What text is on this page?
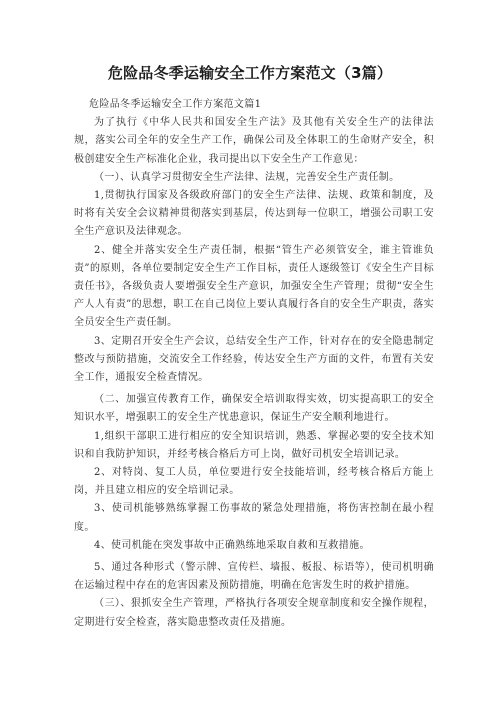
危险品冬季运输安全工作方案范文（3篇）

危险品冬季运输安全工作方案范文篇1

为了执行《中华人民共和国安全生产法》及其他有关安全生产的法律法规，落实公司全年的安全生产工作，确保公司及全体职工的生命财产安全，积极创建安全生产标准化企业，我司提出以下安全生产工作意见：

（一）、认真学习贯彻安全生产法律、法规，完善安全生产责任制。

1,贯彻执行国家及各级政府部门的安全生产法律、法规、政策和制度，及时将有关安全会议精神贯彻落实到基层，传达到每一位职工，增强公司职工安全生产意识及法律观念。

2、健全并落实安全生产责任制，根据“管生产必须管安全，谁主管谁负责”的原则，各单位要制定安全生产工作目标，责任人逐级签订《安全生产目标责任书》，各级负责人要增强安全生产意识，加强安全生产管理；贯彻“安全生产人人有责”的思想，职工在自己岗位上要认真履行各自的安全生产职责，落实全员安全生产责任制。

3、定期召开安全生产会议，总结安全生产工作，针对存在的安全隐患制定整改与预防措施，交流安全工作经验，传达安全生产方面的文件，布置有关安全工作，通报安全检查情况。

（二、加强宣传教育工作，确保安全培训取得实效，切实提高职工的安全知识水平，增强职工的安全生产忧患意识，保证生产安全顺利地进行。

1,组织干部职工进行相应的安全知识培训，熟悉、掌握必要的安全技术知识和自我防护知识，并经考核合格后方可上岗，做好司机安全培训记录。

2、对特岗、复工人员，单位要进行安全技能培训，经考核合格后方能上岗，并且建立相应的安全培训记录。

3、使司机能够熟练掌握工伤事故的紧急处理措施，将伤害控制在最小程度。

4、使司机能在突发事故中正确熟练地采取自救和互救措施。

5、通过各种形式（警示牌、宣传栏、墙报、板报、标语等），使司机明确在运输过程中存在的危害因素及预防措施，明确在危害发生时的救护措施。

（三）、狠抓安全生产管理，严格执行各项安全规章制度和安全操作规程，定期进行安全检查，落实隐患整改责任及措施。
